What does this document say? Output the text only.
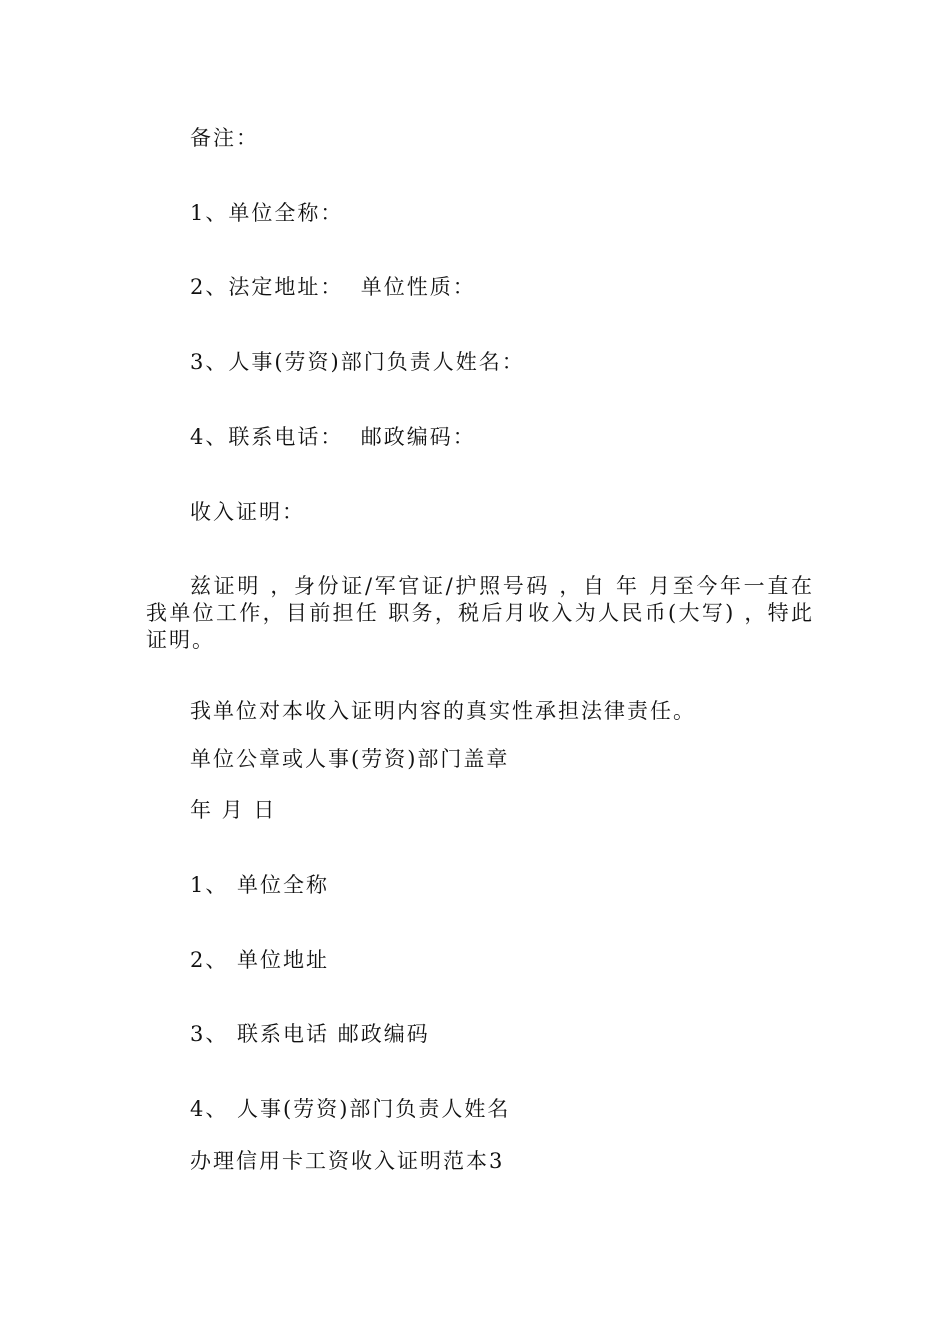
备注：
1、单位全称：
2、法定地址：  单位性质：
3、人事(劳资)部门负责人姓名：
4、联系电话：  邮政编码：
收入证明：
兹证明 ，身份证/军官证/护照号码 ，自 年 月至今年一直在我单位工作，目前担任 职务，税后月收入为人民币(大写) ，特此证明。
我单位对本收入证明内容的真实性承担法律责任。
单位公章或人事(劳资)部门盖章
年 月 日
1、 单位全称
2、 单位地址
3、 联系电话 邮政编码
4、 人事(劳资)部门负责人姓名
办理信用卡工资收入证明范本3
